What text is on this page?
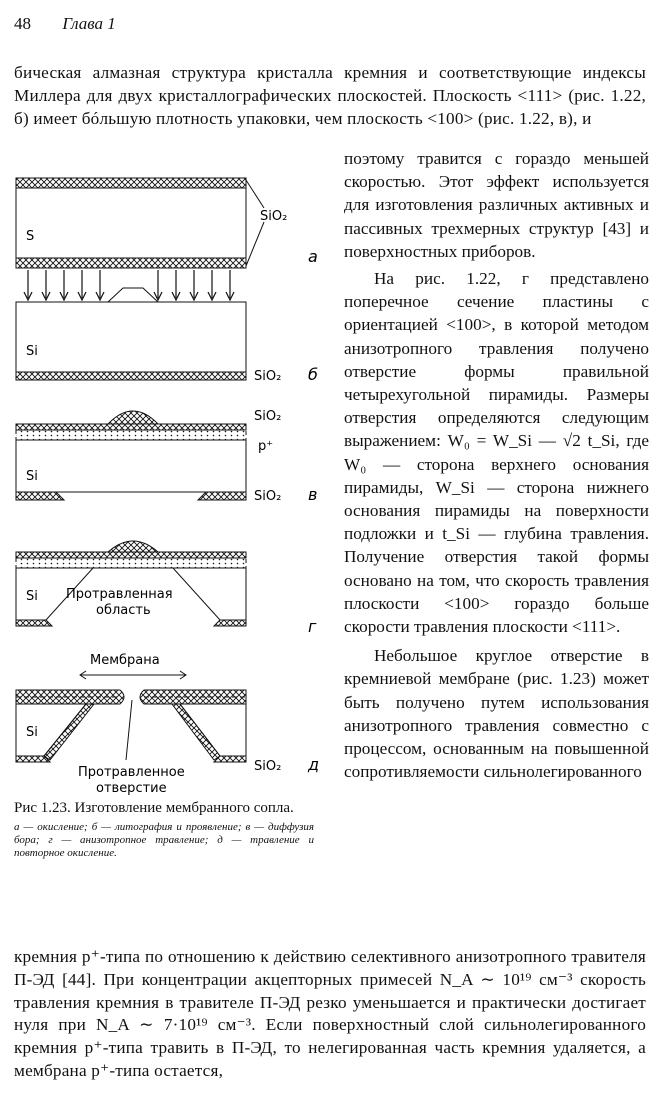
48 Глава 1

бическая алмазная структура кристалла кремния и соответствующие индексы Миллера для двух кристаллографических плоскостей. Плоскость <111> (рис. 1.22, б) имеет бóльшую плотность упаковки, чем плоскость <100> (рис. 1.22, в), и

поэтому травится с гораздо меньшей скоростью. Этот эффект используется для изготовления различных активных и пассивных трехмерных структур [43] и поверхностных приборов.

На рис. 1.22, г представлено поперечное сечение пластины с ориентацией <100>, в которой методом анизотропного травления получено отверстие формы правильной четырехугольной пирамиды. Размеры отверстия определяются следующим выражением: W₀ = W_Si — √2 t_Si, где W₀ — сторона верхнего основания пирамиды, W_Si — сторона нижнего основания пирамиды на поверхности подложки и t_Si — глубина травления. Получение отверстия такой формы основано на том, что скорость травления плоскости <100> гораздо больше скорости травления плоскости <111>.

Небольшое круглое отверстие в кремниевой мембране (рис. 1.23) может быть получено путем использования анизотропного травления совместно с процессом, основанным на повышенной сопротивляемости сильнолегированного

SiO₂
S
а
Si
SiO₂ б
SiO₂
p⁺
Si
SiO₂ в
Si Протравленная
область
г
Мембрана
Si
Протравленное
отверстие
SiO₂ д
Рис 1.23. Изготовление мембранного сопла.
а — окисление; б — литография и проявление; в — диффузия бора; г — анизотропное травление; д — травление и повторное окисление.

кремния р⁺-типа по отношению к действию селективного анизотропного травителя П-ЭД [44]. При концентрации акцепторных примесей N_A ∼ 10¹⁹ см⁻³ скорость травления кремния в травителе П-ЭД резко уменьшается и практически достигает нуля при N_A ∼ 7·10¹⁹ см⁻³. Если поверхностный слой сильнолегированного кремния р⁺-типа травить в П-ЭД, то нелегированная часть кремния удаляется, а мембрана р⁺-типа остается,
